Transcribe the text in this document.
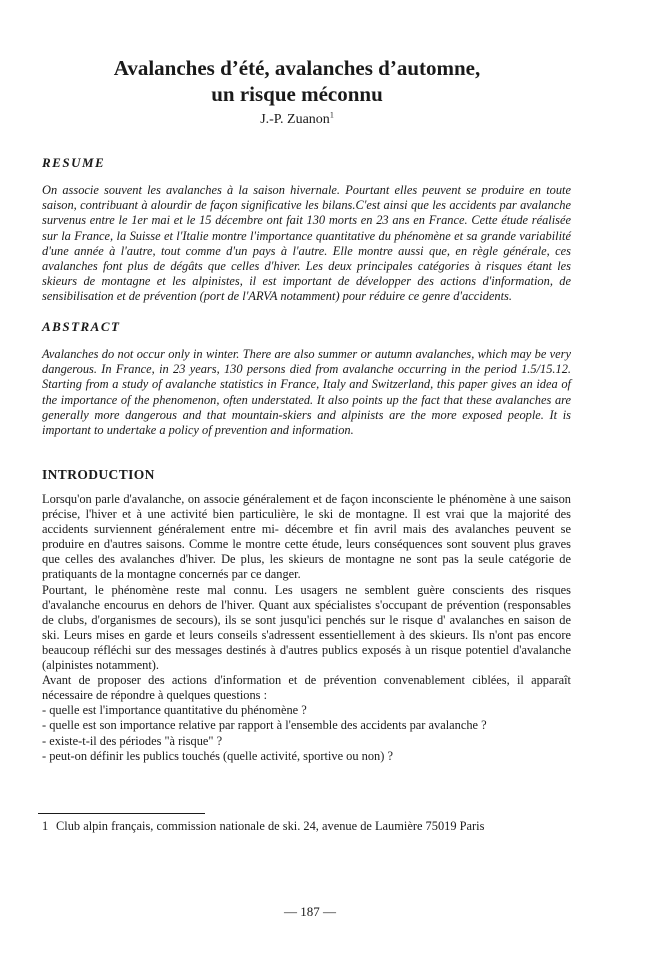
Avalanches d’été, avalanches d’automne,
un risque méconnu
J.-P. Zuanon$^1$
RESUME

On associe souvent les avalanches à la saison hivernale. Pourtant elles peuvent se produire en toute saison, contribuant à alourdir de façon significative les bilans.C'est ainsi que les accidents par avalanche survenus entre le 1er mai et le 15 décembre ont fait 130 morts en 23 ans en France. Cette étude réalisée sur la France, la Suisse et l'Italie montre l'importance quantitative du phénomène et sa grande variabilité d'une année à l'autre, tout comme d'un pays à l'autre. Elle montre aussi que, en règle générale, ces avalanches font plus de dégâts que celles d'hiver. Les deux principales catégories à risques étant les skieurs de montagne et les alpinistes, il est important de développer des actions d'information, de sensibilisation et de prévention (port de l'ARVA notamment) pour réduire ce genre d'accidents.

ABSTRACT

Avalanches do not occur only in winter. There are also summer or autumn avalanches, which may be very dangerous. In France, in 23 years, 130 persons died from avalanche occurring in the period 1.5/15.12. Starting from a study of avalanche statistics in France, Italy and Switzerland, this paper gives an idea of the importance of the phenomenon, often understated. It also points up the fact that these avalanches are generally more dangerous and that mountain-skiers and alpinists are the more exposed people. It is important to undertake a policy of prevention and information.

INTRODUCTION

Lorsqu'on parle d'avalanche, on associe généralement et de façon inconsciente le phénomène à une saison précise, l'hiver et à une activité bien particulière, le ski de montagne. Il est vrai que la majorité des accidents surviennent généralement entre mi- décembre et fin avril mais des avalanches peuvent se produire en d'autres saisons. Comme le montre cette étude, leurs conséquences sont souvent plus graves que celles des avalanches d'hiver. De plus, les skieurs de montagne ne sont pas la seule catégorie de pratiquants de la montagne concernés par ce danger.

Pourtant, le phénomène reste mal connu. Les usagers ne semblent guère conscients des risques d'avalanche encourus en dehors de l'hiver. Quant aux spécialistes s'occupant de prévention (responsables de clubs, d'organismes de secours), ils se sont jusqu'ici penchés sur le risque d' avalanches en saison de ski. Leurs mises en garde et leurs conseils s'adressent essentiellement à des skieurs. Ils n'ont pas encore beaucoup réfléchi sur des messages destinés à d'autres publics exposés à un risque potentiel d'avalanche (alpinistes notamment).

Avant de proposer des actions d'information et de prévention convenablement ciblées, il apparaît nécessaire de répondre à quelques questions :

- quelle est l'importance quantitative du phénomène ?
- quelle est son importance relative par rapport à l'ensemble des accidents par avalanche ?
- existe-t-il des périodes "à risque" ?
- peut-on définir les publics touchés (quelle activité, sportive ou non) ?

1 Club alpin français, commission nationale de ski. 24, avenue de Laumière 75019 Paris

— 187 —
